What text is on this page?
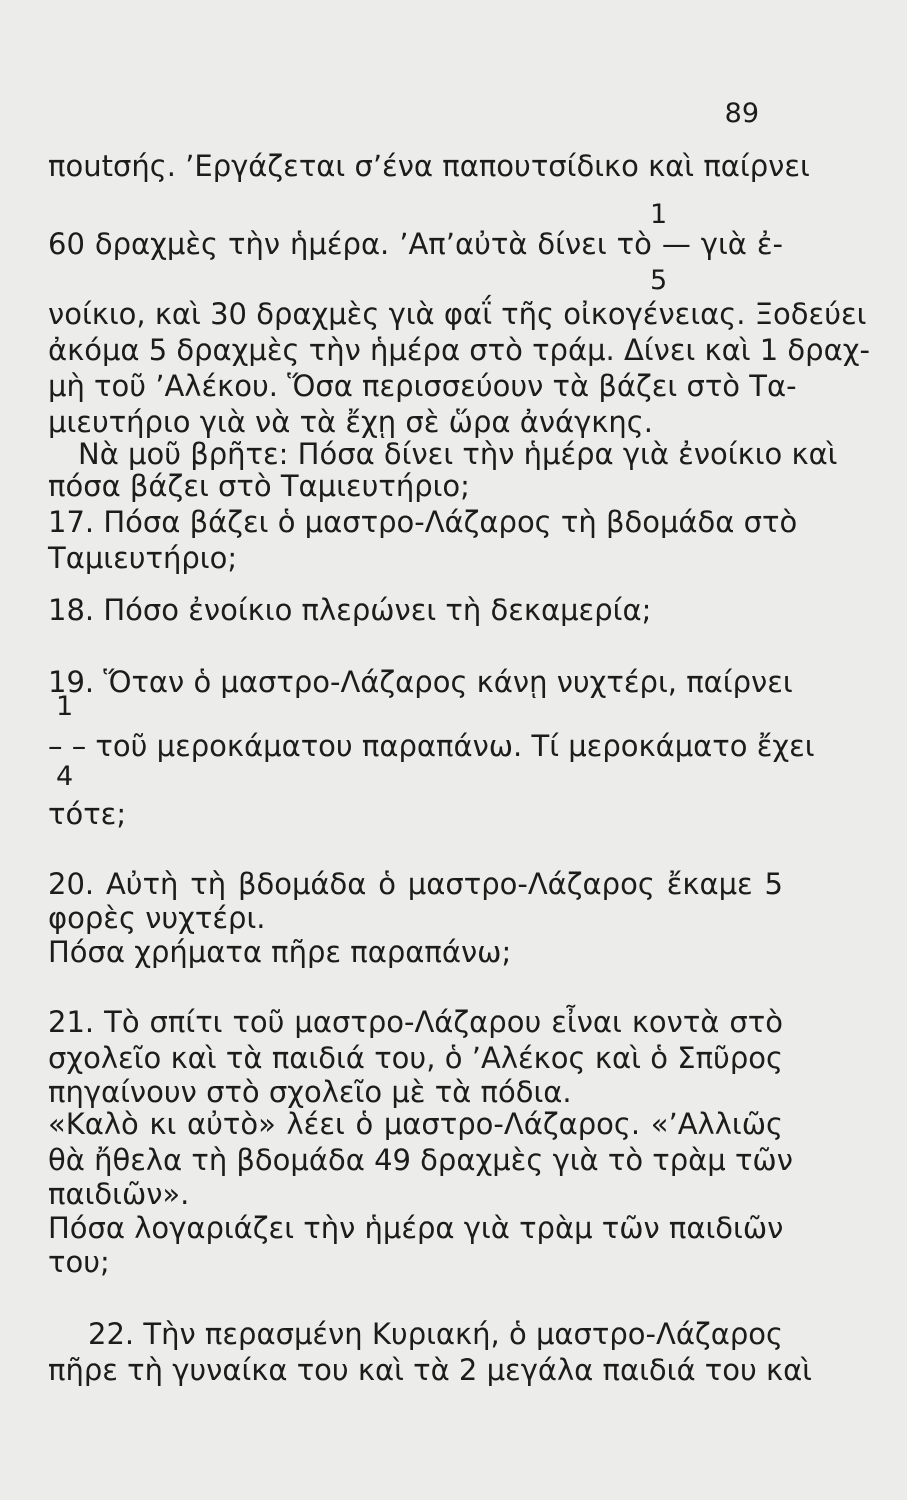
89
ποutσής. ’Εργάζεται σ’ένα παπουτσίδικο καὶ παίρνει
1
60 δραχμὲς τὴν ἡμέρα. ’Απ’αὐτὰ δίνει τὸ — γιὰ ἐ-
5
νοίκιο, καὶ 30 δραχμὲς γιὰ φαΐ τῆς οἰκογένειας. Ξοδεύει
ἀκόμα 5 δραχμὲς τὴν ἡμέρα στὸ τράμ. Δίνει καὶ 1 δραχ-
μὴ τοῦ ’Αλέκου. Ὅσα περισσεύουν τὰ βάζει στὸ Τα-
μιευτήριο γιὰ νὰ τὰ ἔχῃ σὲ ὥρα ἀνάγκης.
Νὰ μοῦ βρῆτε: Πόσα δίνει τὴν ἡμέρα γιὰ ἐνοίκιο καὶ
πόσα βάζει στὸ Ταμιευτήριο;
17. Πόσα βάζει ὁ μαστρο-Λάζαρος τὴ βδομάδα στὸ
Ταμιευτήριο;
18. Πόσο ἐνοίκιο πλερώνει τὴ δεκαμερία;
19. Ὅταν ὁ μαστρο-Λάζαρος κάνῃ νυχτέρι, παίρνει
1
– – τοῦ μεροκάματου παραπάνω. Τί μεροκάματο ἔχει
4
τότε;
20. Αὐτὴ τὴ βδομάδα ὁ μαστρο-Λάζαρος ἔκαμε 5
φορὲς νυχτέρι.
Πόσα χρήματα πῆρε παραπάνω;
21. Τὸ σπίτι τοῦ μαστρο-Λάζαρου εἶναι κοντὰ στὸ
σχολεῖο καὶ τὰ παιδιά του, ὁ ’Αλέκος καὶ ὁ Σπῦρος
πηγαίνουν στὸ σχολεῖο μὲ τὰ πόδια.
«Καλὸ κι αὐτὸ» λέει ὁ μαστρο-Λάζαρος. «’Αλλιῶς
θὰ ἤθελα τὴ βδομάδα 49 δραχμὲς γιὰ τὸ τρὰμ τῶν
παιδιῶν».
Πόσα λογαριάζει τὴν ἡμέρα γιὰ τρὰμ τῶν παιδιῶν
του;
22. Τὴν περασμένη Κυριακή, ὁ μαστρο-Λάζαρος
πῆρε τὴ γυναίκα του καὶ τὰ 2 μεγάλα παιδιά του καὶ
